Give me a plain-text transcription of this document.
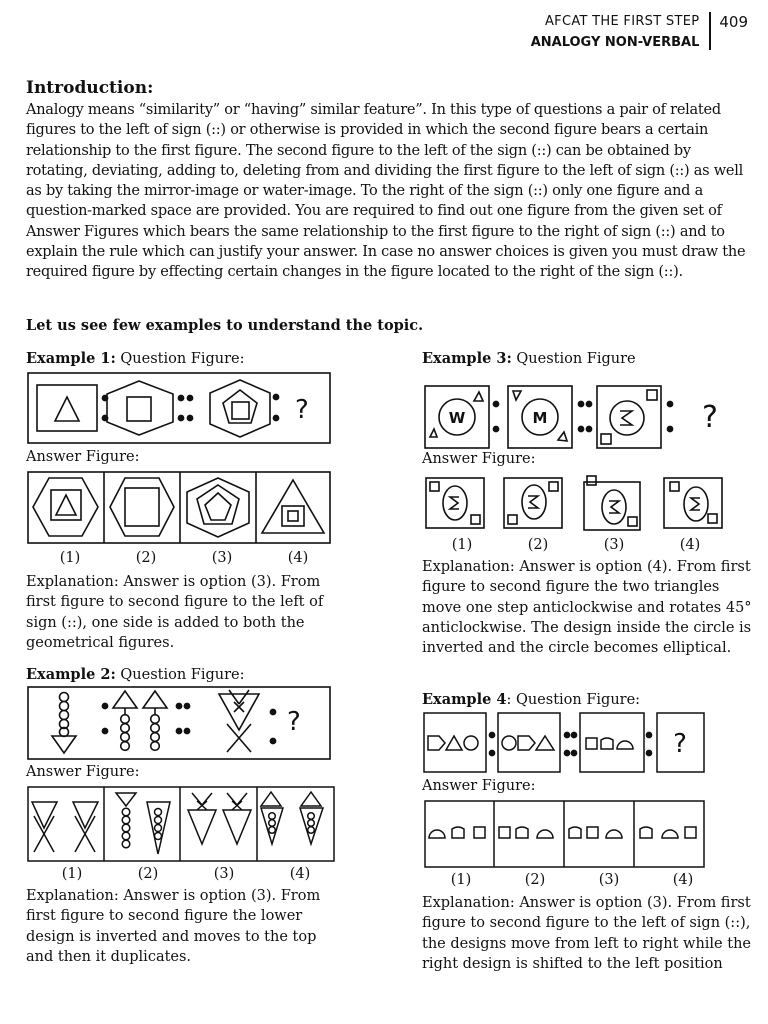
AFCAT THE FIRST STEP
ANALOGY NON-VERBAL
409
Introduction:

Analogy means “similarity” or “having” similar feature”. In this type of questions a pair of related figures to the left of sign (::) or otherwise is provided in which the second figure bears a certain relationship to the first figure. The second figure to the left of the sign (::) can be obtained by rotating, deviating, adding to, deleting from and dividing the first figure to the left of sign (::) as well as by taking the mirror-image or water-image. To the right of the sign (::) only one figure and a question-marked space are provided. You are required to find out one figure from the given set of Answer Figures which bears the same relationship to the first figure to the right of sign (::) and to explain the rule which can justify your answer. In case no answer choices is given you must draw the required figure by effecting certain changes in the figure located to the right of the sign (::).

Let us see few examples to understand the topic.
Example 1: Question Figure:
?
Answer Figure:
(1)	(2)	(3)	(4)

Explanation: Answer is option (3). From first figure to second figure to the left of sign (::), one side is added to both the geometrical figures.

Example 2: Question Figure:
?
Answer Figure:
(1)	(2)	(3)	(4)

Explanation: Answer is option (3). From first figure to second figure the lower design is inverted and moves to the top and then it duplicates.

Example 3: Question Figure
W	M	?
Answer Figure:
(1)	(2)	(3)	(4)

Explanation: Answer is option (4). From first figure to second figure the two triangles move one step anticlockwise and rotates 45° anticlockwise. The design inside the circle is inverted and the circle becomes elliptical.

Example 4: Question Figure:
?
Answer Figure:
(1)	(2)	(3)	(4)

Explanation: Answer is option (3). From first figure to second figure to the left of sign (::), the designs move from left to right while the right design is shifted to the left position
